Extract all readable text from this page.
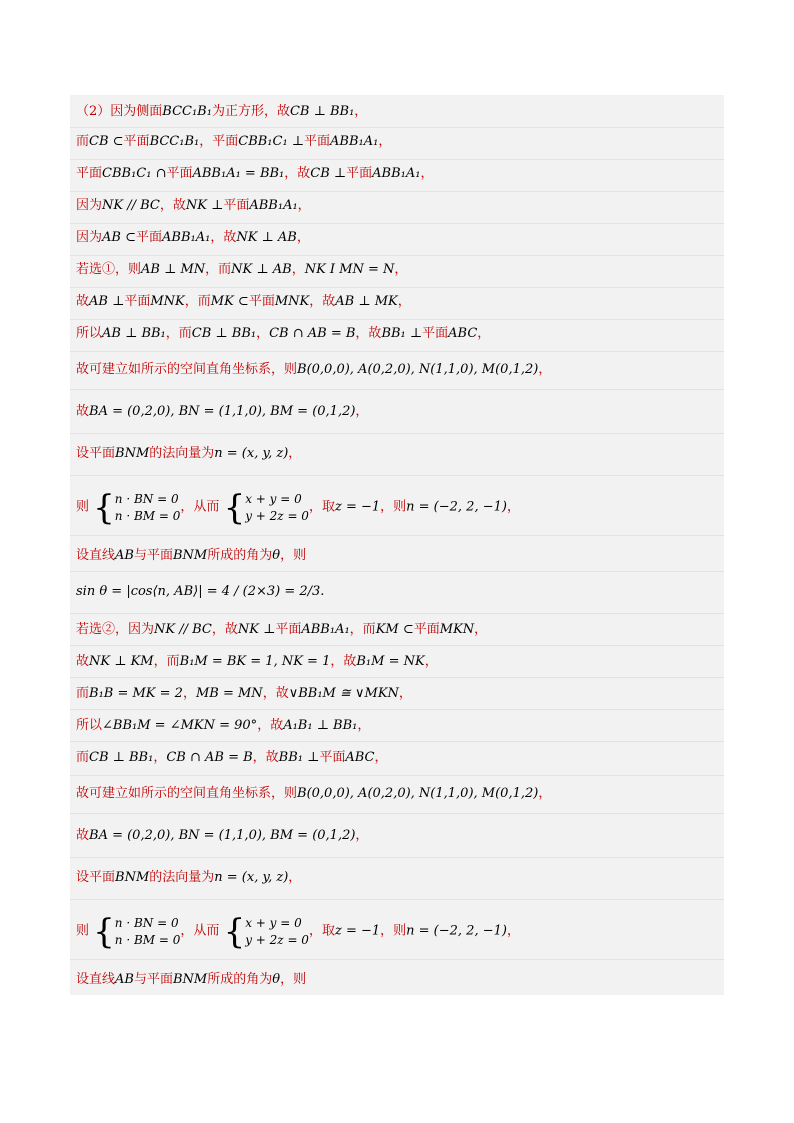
（2）因为侧面BCC₁B₁为正方形，故CB ⊥ BB₁，
而CB ⊂平面BCC₁B₁，平面CBB₁C₁ ⊥平面ABB₁A₁，
平面CBB₁C₁ ∩平面ABB₁A₁ = BB₁，故CB ⊥平面ABB₁A₁，
因为NK // BC，故NK ⊥平面ABB₁A₁，
因为AB ⊂平面ABB₁A₁，故NK ⊥ AB，
若选①，则AB ⊥ MN，而NK ⊥ AB，NK I MN = N，
故AB ⊥平面MNK，而MK ⊂平面MNK，故AB ⊥ MK，
所以AB ⊥ BB₁，而CB ⊥ BB₁，CB ∩ AB = B，故BB₁ ⊥平面ABC，
故可建立如所示的空间直角坐标系，则B(0,0,0), A(0,2,0), N(1,1,0), M(0,1,2)，
故BA = (0,2,0), BN = (1,1,0), BM = (0,1,2)，
设平面BNM的法向量为n = (x, y, z)，
则 {n · BN = 0
n · BM = 0，从而 {x + y = 0
y + 2z = 0，取z = −1，则n = (−2, 2, −1)，
设直线AB与平面BNM所成的角为θ，则
sin θ = |cos⟨n, AB⟩| = 4 / (2×3) = 2/3.
若选②，因为NK // BC，故NK ⊥平面ABB₁A₁，而KM ⊂平面MKN，
故NK ⊥ KM，而B₁M = BK = 1, NK = 1，故B₁M = NK，
而B₁B = MK = 2，MB = MN，故∨BB₁M ≅ ∨MKN，
所以∠BB₁M = ∠MKN = 90°，故A₁B₁ ⊥ BB₁，
而CB ⊥ BB₁，CB ∩ AB = B，故BB₁ ⊥平面ABC，
故可建立如所示的空间直角坐标系，则B(0,0,0), A(0,2,0), N(1,1,0), M(0,1,2)，
故BA = (0,2,0), BN = (1,1,0), BM = (0,1,2)，
设平面BNM的法向量为n = (x, y, z)，
则 {n · BN = 0
n · BM = 0，从而 {x + y = 0
y + 2z = 0，取z = −1，则n = (−2, 2, −1)，
设直线AB与平面BNM所成的角为θ，则
